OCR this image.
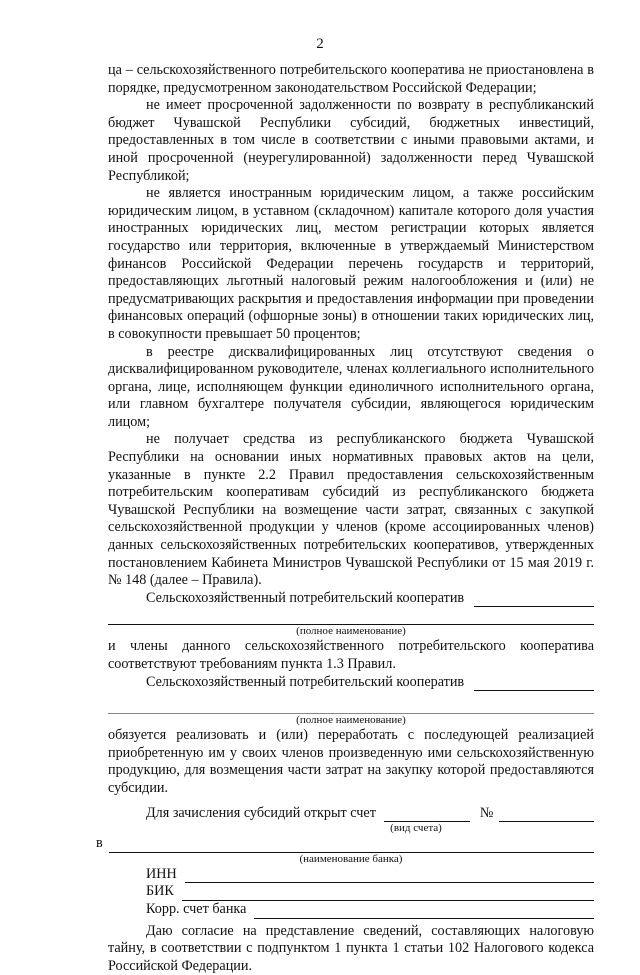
2

ца – сельскохозяйственного потребительского кооператива не приостановлена в порядке, предусмотренном законодательством Российской Федерации;

не имеет просроченной задолженности по возврату в республиканский бюджет Чувашской Республики субсидий, бюджетных инвестиций, предоставленных в том числе в соответствии с иными правовыми актами, и иной просроченной (неурегулированной) задолженности перед Чувашской Республикой;

не является иностранным юридическим лицом, а также российским юридическим лицом, в уставном (складочном) капитале которого доля участия иностранных юридических лиц, местом регистрации которых является государство или территория, включенные в утверждаемый Министерством финансов Российской Федерации перечень государств и территорий, предоставляющих льготный налоговый режим налогообложения и (или) не предусматривающих раскрытия и предоставления информации при проведении финансовых операций (офшорные зоны) в отношении таких юридических лиц, в совокупности превышает 50 процентов;

в реестре дисквалифицированных лиц отсутствуют сведения о дисквалифицированном руководителе, членах коллегиального исполнительного органа, лице, исполняющем функции единоличного исполнительного органа, или главном бухгалтере получателя субсидии, являющегося юридическим лицом;

не получает средства из республиканского бюджета Чувашской Республики на основании иных нормативных правовых актов на цели, указанные в пункте 2.2 Правил предоставления сельскохозяйственным потребительским кооперативам субсидий из республиканского бюджета Чувашской Республики на возмещение части затрат, связанных с закупкой сельскохозяйственной продукции у членов (кроме ассоциированных членов) данных сельскохозяйственных потребительских кооперативов, утвержденных постановлением Кабинета Министров Чувашской Республики от 15 мая 2019 г. № 148 (далее – Правила).

Сельскохозяйственный потребительский кооператив
(полное наименование)

и члены данного сельскохозяйственного потребительского кооператива соответствуют требованиям пункта 1.3 Правил.

Сельскохозяйственный потребительский кооператив
(полное наименование)

обязуется реализовать и (или) переработать с последующей реализацией приобретенную им у своих членов произведенную ими сельскохозяйственную продукцию, для возмещения части затрат на закупку которой предоставляются субсидии.

Для зачисления субсидий открыт счет	№
(вид счета)
в
(наименование банка)
ИНН
БИК
Корр. счет банка

Даю согласие на представление сведений, составляющих налоговую тайну, в соответствии с подпунктом 1 пункта 1 статьи 102 Налогового кодекса Российской Федерации.
